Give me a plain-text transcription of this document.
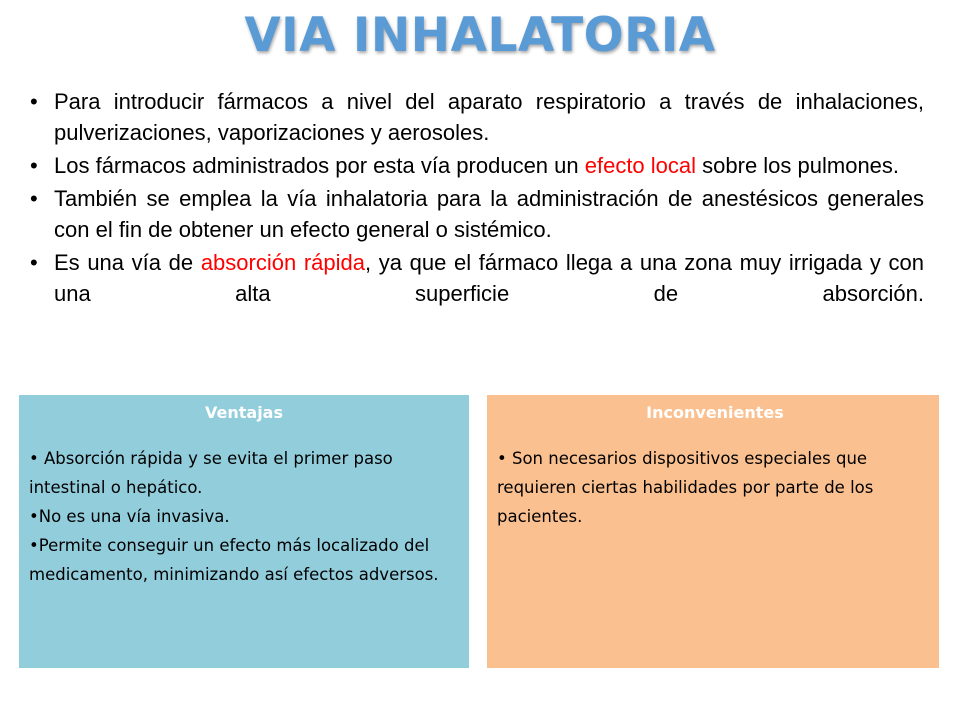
VIA INHALATORIA
• Para introducir fármacos a nivel del aparato respiratorio a través de inhalaciones, pulverizaciones, vaporizaciones y aerosoles.
• Los fármacos administrados por esta vía producen un efecto local sobre los pulmones.
• También se emplea la vía inhalatoria para la administración de anestésicos generales con el fin de obtener un efecto general o sistémico.
• Es una vía de absorción rápida, ya que el fármaco llega a una zona muy irrigada y con una alta superficie de absorción.

Ventajas

• Absorción rápida y se evita el primer paso intestinal o hepático.
•No es una vía invasiva.
•Permite conseguir un efecto más localizado del medicamento, minimizando así efectos adversos.

Inconvenientes

• Son necesarios dispositivos especiales que requieren ciertas habilidades por parte de los pacientes.
